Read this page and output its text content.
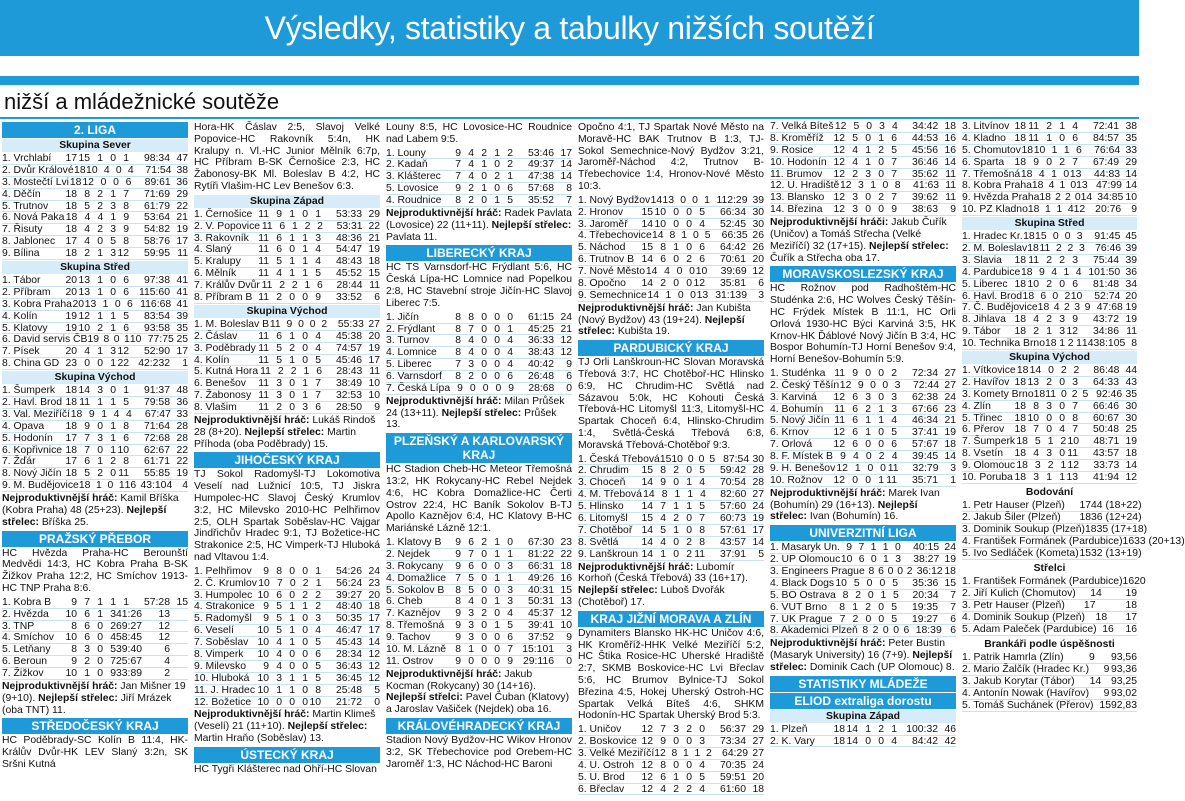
Výsledky, statistiky a tabulky nižších soutěží
nižší a mládežnické soutěže
2. LIGA
Skupina Sever
1. Vrchlabí	17 15 1 0 1	98:34 47
2. Dvůr Králové 18 10 4 0 4	71:54 38
3. Mostečtí Lvi 18 12 0 0 6	89:61 36
4. Děčín	18 8 2 1 7	71:69 29
5. Trutnov	18 5 2 3 8	61:79 22
6. Nová Paka 18 4 4 1 9	53:64 21
7. Řisuty	18 4 2 3 9	54:82 19
8. Jablonec 17 4 0 5 8	58:76 17
9. Bílina	18 2 1 3 12	59:95 11
Skupina Střed
1. Tábor	20 13 1 0 6	97:38 41
2. Příbram	20 13 1 0 6 115:60 41
3. Kobra Praha 20 13 1 0 6 116:68 41
4. Kolín	19 12 1 1 5	83:54 39
5. Klatovy	19 10 2 1 6	93:58 35
6. David servis ČB 19 8 0 1 10 77:75 25
7. Písek	20 4 1 3 12	52:90 17
8. China GD 23 0 0 1 22 42:232	1
Skupina Východ
1. Šumperk 18 14 3 0 1	91:37 48
2. Havl. Brod 18 11 1 1 5	79:58 36
3. Val. Meziříčí 18 9 1 4 4	67:47 33
4. Opava	18 9 0 1 8	71:64 28
5. Hodonín	17 7 3 1 6	72:68 28
6. Kopřivnice 18 7 0 1 10	62:67 22
7. Žďár	17 6 1 2 8	61:71 22
8. Nový Jičín 18 5 2 0 11	55:85 19
9. M. Budějovice 18 1 0 1 16 43:104 4
Nejproduktivnější hráč: Kamil Bříška (Kobra Praha) 48 (25+23). Nejlepší střelec: Bříška 25.
PRAŽSKÝ PŘEBOR
HC Hvězda Praha-HC Berounští Medvědi 14:3, HC Kobra Praha B-SK Žižkov Praha 12:2, HC Smíchov 1913-HC TNP Praha 8:6.
1. Kobra B	9 7 1 1 1	57:28 15
2. Hvězda	10 6 1 3 41:26	13
3. TNP	8 6 0 2 69:27	12
4. Smíchov	10 6 0 4 58:45	12
5. Letňany	8 3 0 5 39:40	6
6. Beroun	9 2 0 7 25:67	4
7. Žižkov	10 1 0 9 33:89	2
Nejproduktivnější hráč: Jan Mišner 19 (9+10). Nejlepší střelec: Jiří Mrázek (oba TNT) 11.
STŘEDOČESKÝ KRAJ
HC Poděbrady-SC Kolín B 11:4, HK-Králův Dvůr-HK LEV Slaný 3:2n, SK Sršni Kutná
Hora-HK Čáslav 2:5, Slavoj Velké Popovice-HC Rakovník 5:4n, HK Kralupy n. Vl.-HC Junior Mělník 6:7p, HC Příbram B-SK Černošice 2:3, HC Žabonosy-BK Ml. Boleslav B 4:2, HC Rytíři Vlašim-HC Lev Benešov 6:3.
Skupina Západ
1. Černošice 11 9 1 0 1	53:33 29
2. V. Popovice 11 6 1 2 2	53:31 22
3. Rakovník 11 6 1 1 3	48:36 21
4. Slaný	11 6 0 1 4	54:47 19
5. Kralupy	11 5 1 1 4	48:43 18
6. Mělník	11 4 1 1 5	45:52 15
7. Králův Dvůr 11 2 2 1 6	28:44 11
8. Příbram B 11 2 0 0 9	33:52	6
Skupina Východ
1. M. Boleslav B 11 9 0 0 2	55:33 27
2. Čáslav	11 6 1 0 4	45:38 20
3. Poděbrady 11 5 2 0 4	74:57 19
4. Kolín	11 5 1 0 5	45:46 17
5. Kutná Hora 11 2 2 1 6	28:43 11
6. Benešov	11 3 0 1 7	38:49 10
7. Žabonosy 11 3 0 1 7	32:53 10
8. Vlašim	11 2 0 3 6	28:50	9
Nejproduktivnější hráč: Lukáš Rindoš 28 (8+20). Nejlepší střelec: Martin Příhoda (oba Poděbrady) 15.
JIHOČESKÝ KRAJ
TJ Sokol Radomyšl-TJ Lokomotiva Veselí nad Lužnicí 10:5, TJ Jiskra Humpolec-HC Slavoj Český Krumlov 3:2, HC Milevsko 2010-HC Pelhřimov 2:5, OLH Spartak Soběslav-HC Vajgar Jindřichův Hradec 9:1, TJ Božetice-HC Strakonice 2:5, HC Vimperk-TJ Hluboká nad Vltavou 1:4.
1. Pelhřimov	9 8 0 0 1	54:26 24
2. Č. Krumlov 10 7 0 2 1	56:24 23
3. Humpolec 10 6 0 2 2	39:27 20
4. Strakonice 9 5 1 1 2	48:40 18
5. Radomyšl	9 5 1 0 3	50:35 17
6. Veselí	10 5 1 0 4	46:47 17
7. Soběslav 10 4 1 0 5	45:43 14
8. Vimperk	10 4 0 0 6	28:34 12
9. Milevsko	9 4 0 0 5	36:43 12
10. Hluboká 10 3 1 1 5	36:45 12
11. J. Hradec 10 1 1 0 8	25:48	5
12. Božetice 10 0 0 0 10	21:72	0
Nejproduktivnější hráč: Martin Klimeš (Veselí) 21 (11+10). Nejlepší střelec: Martin Hraňo (Soběslav) 13.
ÚSTECKÝ KRAJ
HC Tygři Klášterec nad Ohří-HC Slovan
Louny 8:5, HC Lovosice-HC Roudnice nad Labem 9:5.
1. Louny	9 4 2 1 2	53:46 17
2. Kadaň	7 4 1 0 2	49:37 14
3. Klášterec	7 4 0 2 1	47:38 14
5. Lovosice	9 2 1 0 6	57:68	8
4. Roudnice	8 2 0 1 5	35:52	7
Nejproduktivnější hráč: Radek Pavlata (Lovosice) 22 (11+11). Nejlepší střelec: Pavlata 11.
LIBERECKÝ KRAJ
HC TS Varnsdorf-HC Frýdlant 5:6, HC Česká Lípa-HC Lomnice nad Popelkou 2:8, HC Stavební stroje Jičín-HC Slavoj Liberec 7:5.
1. Jičín	8 8 0 0 0	61:15 24
2. Frýdlant	8 7 0 0 1	45:25 21
3. Turnov	8 4 0 0 4	36:33 12
4. Lomnice	8 4 0 0 4	38:43 12
5. Liberec	7 3 0 0 4	40:42	9
6. Varnsdorf	8 2 0 0 6	26:48	6
7. Česká Lípa 9 0 0 0 9	28:68	0
Nejproduktivnější hráč: Milan Průšek 24 (13+11). Nejlepší střelec: Průšek 13.
PLZEŇSKÝ A KARLOVARSKÝ KRAJ
HC Stadion Cheb-HC Meteor Třemošná 13:2, HK Rokycany-HC Rebel Nejdek 4:6, HC Kobra Domažlice-HC Čerti Ostrov 22:4, HC Baník Sokolov B-TJ Apollo Kaznějov 6:4, HC Klatovy B-HC Mariánské Lázně 12:1.
1. Klatovy B	9 6 2 1 0	67:30 23
2. Nejdek	9 7 0 1 1	81:22 22
3. Rokycany	9 6 0 0 3	66:31 18
4. Domažlice 7 5 0 1 1	49:26 16
5. Sokolov B	8 5 0 0 3	40:31 15
6. Cheb	8 4 0 1 3	50:31 13
7. Kaznějov	9 3 2 0 4	45:37 12
8. Třemošná	9 3 0 1 5	39:41 10
9. Tachov	9 3 0 0 6	37:52	9
10. M. Lázně 8 1 0 0 7 15:101	3
11. Ostrov	9 0 0 0 9 29:116	0
Nejproduktivnější hráč: Jakub Kocman (Rokycany) 30 (14+16). Nejlepší střelci: Pavel Čuban (Klatovy) a Jaroslav Vašiček (Nejdek) oba 16.
KRÁLOVÉHRADECKÝ KRAJ
Stadion Nový Bydžov-HC Wikov Hronov 3:2, SK Třebechovice pod Orebem-HC Jaroměř 1:3, HC Náchod-HC Baroni
Opočno 4:1, TJ Spartak Nové Město na Moravě-HC BAK Trutnov B 1:3, TJ-Sokol Semechnice-Nový Bydžov 3:21, Jaroměř-Náchod 4:2, Trutnov B-Třebechovice 1:4, Hronov-Nové Město 10:3.
1. Nový Bydžov 14 13 0 0 1 112:29 39
2. Hronov	15 10 0 0 5	66:34 30
3. Jaroměř	14 10 0 0 4	52:45 30
4. Třebechovice 14 8 1 0 5	66:35 26
5. Náchod	15 8 1 0 6	64:42 26
6. Trutnov B 14 6 0 2 6	70:61 20
7. Nové Město 14 4 0 0 10	39:69 12
8. Opočno	14 2 0 0 12	35:81	6
9. Semechnice 14 1 0 0 13 31:139	3
Nejproduktivnější hráč: Jan Kubišta (Nový Bydžov) 43 (19+24). Nejlepší střelec: Kubišta 19.
PARDUBICKÝ KRAJ
TJ Orli Lanškroun-HC Slovan Moravská Třebová 3:7, HC Chotěboř-HC Hlinsko 6:9, HC Chrudim-HC Světlá nad Sázavou 5:0k, HC Kohouti Česká Třebová-HC Litomyšl 11:3, Litomyšl-HC Spartak Choceň 6:4, Hlinsko-Chrudim 1:4, Světlá-Česká Třebová 6:8, Moravská Třebová-Chotěboř 9:3.
1. Česká Třebová 15 10 0 0 5 87:54 30
2. Chrudim	15 8 2 0 5	59:42 28
3. Choceň	14 9 0 1 4	70:54 28
4. M. Třebová 14 8 1 1 4	82:60 27
5. Hlinsko	14 7 1 1 5	57:60 24
6. Litomyšl	15 4 2 0 7	60:73 19
7. Chotěboř 14 5 1 0 8	57:61 17
8. Světlá	14 4 0 2 8	43:57 14
9. Lanškroun 14 1 0 2 11	37:91	5
Nejproduktivnější hráč: Lubomír Korhoň (Česká Třebová) 33 (16+17). Nejlepší střelec: Luboš Dvořák (Chotěboř) 17.
KRAJ JIŽNÍ MORAVA A ZLÍN
Dynamiters Blansko HK-HC Uničov 4:6, HK Kroměříž-HHK Velké Meziříčí 5:2, HC Štika Rosice-HC Uherské Hradiště 2:7, SKMB Boskovice-HC Lvi Břeclav 5:6, HC Brumov Bylnice-TJ Sokol Březina 4:5, Hokej Uherský Ostroh-HC Spartak Velká Bíteš 4:6, SHKM Hodonín-HC Spartak Uherský Brod 5:3.
1. Uničov	12 7 3 2 0	56:37 29
2. Boskovice 12 9 0 0 3	73:34 27
3. Velké Meziříčí 12 8 1 1 2 64:29 27
4. U. Ostroh 12 8 0 0 4	70:35 24
5. U. Brod	12 6 1 0 5	59:51 20
6. Břeclav	12 4 2 2 4	61:60 18
7. Velká Bíteš 12 5 0 3 4	34:42 18
8. Kroměříž 12 5 0 1 6	44:53 16
9. Rosice	12 4 1 2 5	45:56 16
10. Hodonín 12 4 1 0 7	36:46 14
11. Brumov	12 2 3 0 7	35:62 11
12. U. Hradiště 12 3 1 0 8	41:63 11
13. Blansko 12 3 0 2 7	39:62 11
14. Březina	12 3 0 0 9	38:63	9
Nejproduktivnější hráči: Jakub Čuřík (Uničov) a Tomáš Střecha (Velké Meziříčí) 32 (17+15). Nejlepší střelec: Čuřík a Střecha oba 17.
MORAVSKOSLEZSKÝ KRAJ
HC Rožnov pod Radhoštěm-HC Studénka 2:6, HC Wolves Český Těšín-HC Frýdek Místek B 11:1, HC Orli Orlová 1930-HC Býci Karviná 3:5, HK Krnov-HK Ďáblové Nový Jičín B 3:4, HC Bospor Bohumín-TJ Horní Benešov 9:4, Horní Benešov-Bohumín 5:9.
1. Studénka 11 9 0 0 2	72:34 27
2. Český Těšín 12 9 0 0 3	72:44 27
3. Karviná	12 6 3 0 3	62:38 24
4. Bohumín	11 6 2 1 3	67:66 23
5. Nový Jičín 11 6 1 1 4	46:34 21
6. Krnov	12 6 1 0 5	37:41 19
7. Orlová	12 6 0 0 6	57:67 18
8. F. Místek B 9 4 0 2 4	39:45 14
9. H. Benešov 12 1 0 0 11	32:79	3
10. Rožnov	12 0 0 1 11	35:71	1
Nejproduktivnější hráč: Marek Ivan (Bohumín) 29 (16+13). Nejlepší střelec: Ivan (Bohumín) 16.
UNIVERZITNÍ LIGA
1. Masaryk Un. 9 7 1 1 0	40:15 24
2. UP Olomouc 10 6 0 1 3	38:27 19
3. Engineers Prague 8 6 0 0 2 36:12 18
4. Black Dogs 10 5 0 0 5	35:36 15
5. BO Ostrava 8 2 0 1 5	20:34	7
6. VUT Brno	8 1 2 0 5	19:35	7
7. UK Prague 7 2 0 0 5	19:27	6
8. Akademici Plzeň 8 2 0 0 6 18:39 6
Nejproduktivnější hráč: Peter Bustin (Masaryk University) 16 (7+9). Nejlepší střelec: Dominik Cach (UP Olomouc) 8.
STATISTIKY MLÁDEŽE
ELIOD extraliga dorostu
Skupina Západ
1. Plzeň	18 14 1 2 1 100:32 46
2. K. Vary	18 14 0 0 4	84:42 42
3. Litvínov 18 11 2 1 4	72:41 38
4. Kladno 18 11 1 0 6	84:57 35
5. Chomutov 18 10 1 1 6	76:64 33
6. Sparta 18 9 0 2 7	67:49 29
7. Třemošná 18 4 1 0 13	44:83 14
8. Kobra Praha 18 4 1 0 13 47:99 14
9. Hvězda Praha 18 2 2 0 14 34:85 10
10. PZ Kladno 18 1 1 4 12 20:76 9
Skupina Střed
1. Hradec Kr. 18 15 0 0 3	91:45 45
2. M. Boleslav 18 11 2 2 3 76:46 39
3. Slavia	18 11 2 2 3	75:44 39
4. Pardubice 18 9 4 1 4 101:50 36
5. Liberec 18 10 2 0 6	81:48 34
6. Havl. Brod 18 6 0 2 10	52:74 20
7. Č. Budějovice 18 4 2 3 9 47:68 19
8. Jihlava 18 4 2 3 9	43:72 19
9. Tábor	18 2 1 3 12	34:86 11
10. Technika Brno 18 1 2 1 14 38:105 8
Skupina Východ
1. Vítkovice 18 14 0 2 2	86:48 44
2. Havířov 18 13 2 0 3	64:33 43
3. Komety Brno 18 11 0 2 5 92:46 35
4. Zlín	18 8 3 0 7	66:46 30
5. Třinec	18 10 0 0 8	60:67 30
6. Přerov 18 7 0 4 7	50:48 25
7. Šumperk 18 5 1 2 10	48:71 19
8. Vsetín	18 4 3 0 11	43:57 18
9. Olomouc 18 3 2 1 12	33:73 14
10. Poruba 18 3 1 1 13	41:94 12
Bodování
1. Petr Hauser (Plzeň)	17 44 (18+22)
2. Jakub Šiler (Plzeň)	18 36 (12+24)
3. Dominik Soukup (Plzeň) 18 35 (17+18)
4. František Formánek (Pardubice) 16 33 (20+13)
5. Ivo Sedláček (Kometa) 15 32 (13+19)
Střelci
1. František Formánek (Pardubice) 16 20
2. Jiří Kulich (Chomutov)	14	19
3. Petr Hauser (Plzeň)	17	18
4. Dominik Soukup (Plzeň)	18	17
5. Adam Paleček (Pardubice) 16	16
Brankáři podle úspěšnosti
1. Patrik Hamrla (Zlín)	9	93,56
2. Mario Žalčík (Hradec Kr.)	9 93,36
3. Jakub Korytar (Tábor)	14 93,25
4. Antonín Nowak (Havířov)	9 93,02
5. Tomáš Suchánek (Přerov) 15 92,83
